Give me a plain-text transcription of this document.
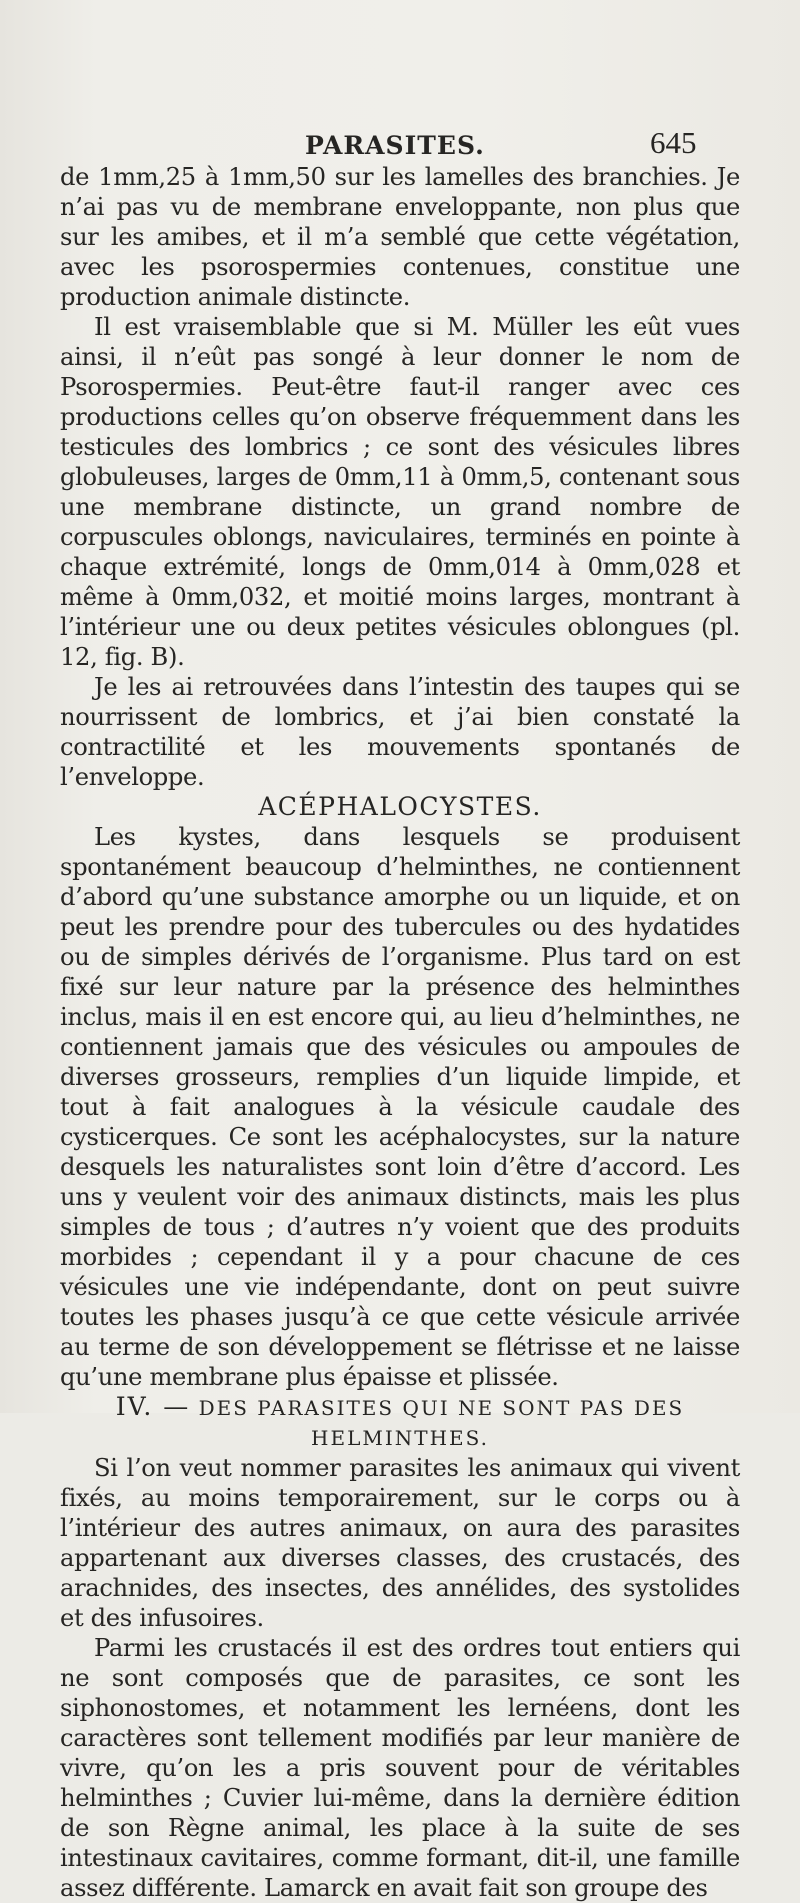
PARASITES.	645

de 1mm,25 à 1mm,50 sur les lamelles des branchies. Je n’ai pas vu de membrane enveloppante, non plus que sur les amibes, et il m’a semblé que cette végétation, avec les psorospermies contenues, constitue une production animale distincte.

Il est vraisemblable que si M. Müller les eût vues ainsi, il n’eût pas songé à leur donner le nom de Psorospermies. Peut-être faut-il ranger avec ces productions celles qu’on observe fréquemment dans les testicules des lombrics ; ce sont des vésicules libres globuleuses, larges de 0mm,11 à 0mm,5, contenant sous une membrane distincte, un grand nombre de corpuscules oblongs, naviculaires, terminés en pointe à chaque extrémité, longs de 0mm,014 à 0mm,028 et même à 0mm,032, et moitié moins larges, montrant à l’intérieur une ou deux petites vésicules oblongues (pl. 12, fig. B).

Je les ai retrouvées dans l’intestin des taupes qui se nourrissent de lombrics, et j’ai bien constaté la contractilité et les mouvements spontanés de l’enveloppe.

ACÉPHALOCYSTES.

Les kystes, dans lesquels se produisent spontanément beaucoup d’helminthes, ne contiennent d’abord qu’une substance amorphe ou un liquide, et on peut les prendre pour des tubercules ou des hydatides ou de simples dérivés de l’organisme. Plus tard on est fixé sur leur nature par la présence des helminthes inclus, mais il en est encore qui, au lieu d’helminthes, ne contiennent jamais que des vésicules ou ampoules de diverses grosseurs, remplies d’un liquide limpide, et tout à fait analogues à la vésicule caudale des cysticerques. Ce sont les acéphalocystes, sur la nature desquels les naturalistes sont loin d’être d’accord. Les uns y veulent voir des animaux distincts, mais les plus simples de tous ; d’autres n’y voient que des produits morbides ; cependant il y a pour chacune de ces vésicules une vie indépendante, dont on peut suivre toutes les phases jusqu’à ce que cette vésicule arrivée au terme de son développement se flétrisse et ne laisse qu’une membrane plus épaisse et plissée.

IV. — DES PARASITES QUI NE SONT PAS DES HELMINTHES.

Si l’on veut nommer parasites les animaux qui vivent fixés, au moins temporairement, sur le corps ou à l’intérieur des autres animaux, on aura des parasites appartenant aux diverses classes, des crustacés, des arachnides, des insectes, des annélides, des systolides et des infusoires.

Parmi les crustacés il est des ordres tout entiers qui ne sont composés que de parasites, ce sont les siphonostomes, et notamment les lernéens, dont les caractères sont tellement modifiés par leur manière de vivre, qu’on les a pris souvent pour de véritables helminthes ; Cuvier lui-même, dans la dernière édition de son Règne animal, les place à la suite de ses intestinaux cavitaires, comme formant, dit-il, une famille assez différente. Lamarck en avait fait son groupe des
